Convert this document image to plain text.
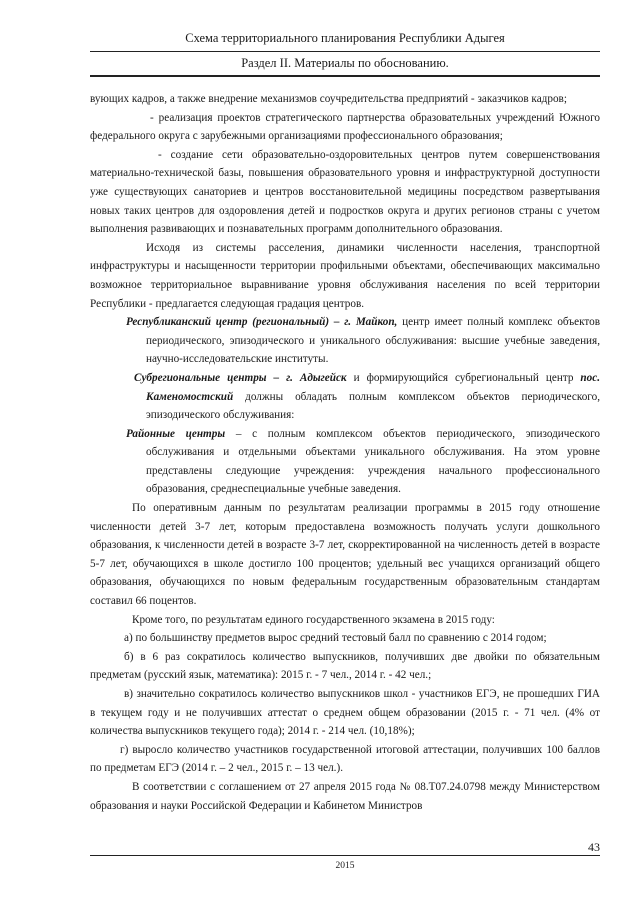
Схема территориального планирования Республики Адыгея
Раздел II. Материалы по обоснованию.

вующих кадров, а также внедрение механизмов соучредительства предприятий - заказчиков кадров;

- реализация проектов стратегического партнерства образовательных учреждений Южного федерального округа с зарубежными организациями профессионального образования;

- создание сети образовательно-оздоровительных центров путем совершенствования материально-технической базы, повышения образовательного уровня и инфраструктурной доступности уже существующих санаториев и центров восстановительной медицины посредством развертывания новых таких центров для оздоровления детей и подростков округа и других регионов страны с учетом выполнения развивающих и познавательных программ дополнительного образования.

Исходя из системы расселения, динамики численности населения, транспортной инфраструктуры и насыщенности территории профильными объектами, обеспечивающих максимально возможное территориальное выравнивание уровня обслуживания населения по всей территории Республики - предлагается следующая градация центров.

Республиканский центр (региональный) – г. Майкоп, центр имеет полный комплекс объектов периодического, эпизодического и уникального обслуживания: высшие учебные заведения, научно-исследовательские институты.

Субрегиональные центры – г. Адыгейск и формирующийся субрегиональный центр пос. Каменомостский должны обладать полным комплексом объектов периодического, эпизодического обслуживания:

Районные центры – с полным комплексом объектов периодического, эпизодического обслуживания и отдельными объектами уникального обслуживания. На этом уровне представлены следующие учреждения: учреждения начального профессионального образования, среднеспециальные учебные заведения.

По оперативным данным по результатам реализации программы в 2015 году отношение численности детей 3-7 лет, которым предоставлена возможность получать услуги дошкольного образования, к численности детей в возрасте 3-7 лет, скорректированной на численность детей в возрасте 5-7 лет, обучающихся в школе достигло 100 процентов; удельный вес учащихся организаций общего образования, обучающихся по новым федеральным государственным образовательным стандартам составил 66 поцентов.

Кроме того, по результатам единого государственного экзамена в 2015 году:

а) по большинству предметов вырос средний тестовый балл по сравнению с 2014 годом;

б) в 6 раз сократилось количество выпускников, получивших две двойки по обязательным предметам (русский язык, математика): 2015 г. - 7 чел., 2014 г. - 42 чел.;

в) значительно сократилось количество выпускников школ - участников ЕГЭ, не прошедших ГИА в текущем году и не получивших аттестат о среднем общем образовании (2015 г. - 71 чел. (4% от количества выпускников текущего года); 2014 г. - 214 чел. (10,18%);

г) выросло количество участников государственной итоговой аттестации, получивших 100 баллов по предметам ЕГЭ (2014 г. – 2 чел., 2015 г. – 13 чел.).

В соответствии с соглашением от 27 апреля 2015 года № 08.Т07.24.0798 между Министерством образования и науки Российской Федерации и Кабинетом Министров

43
2015
